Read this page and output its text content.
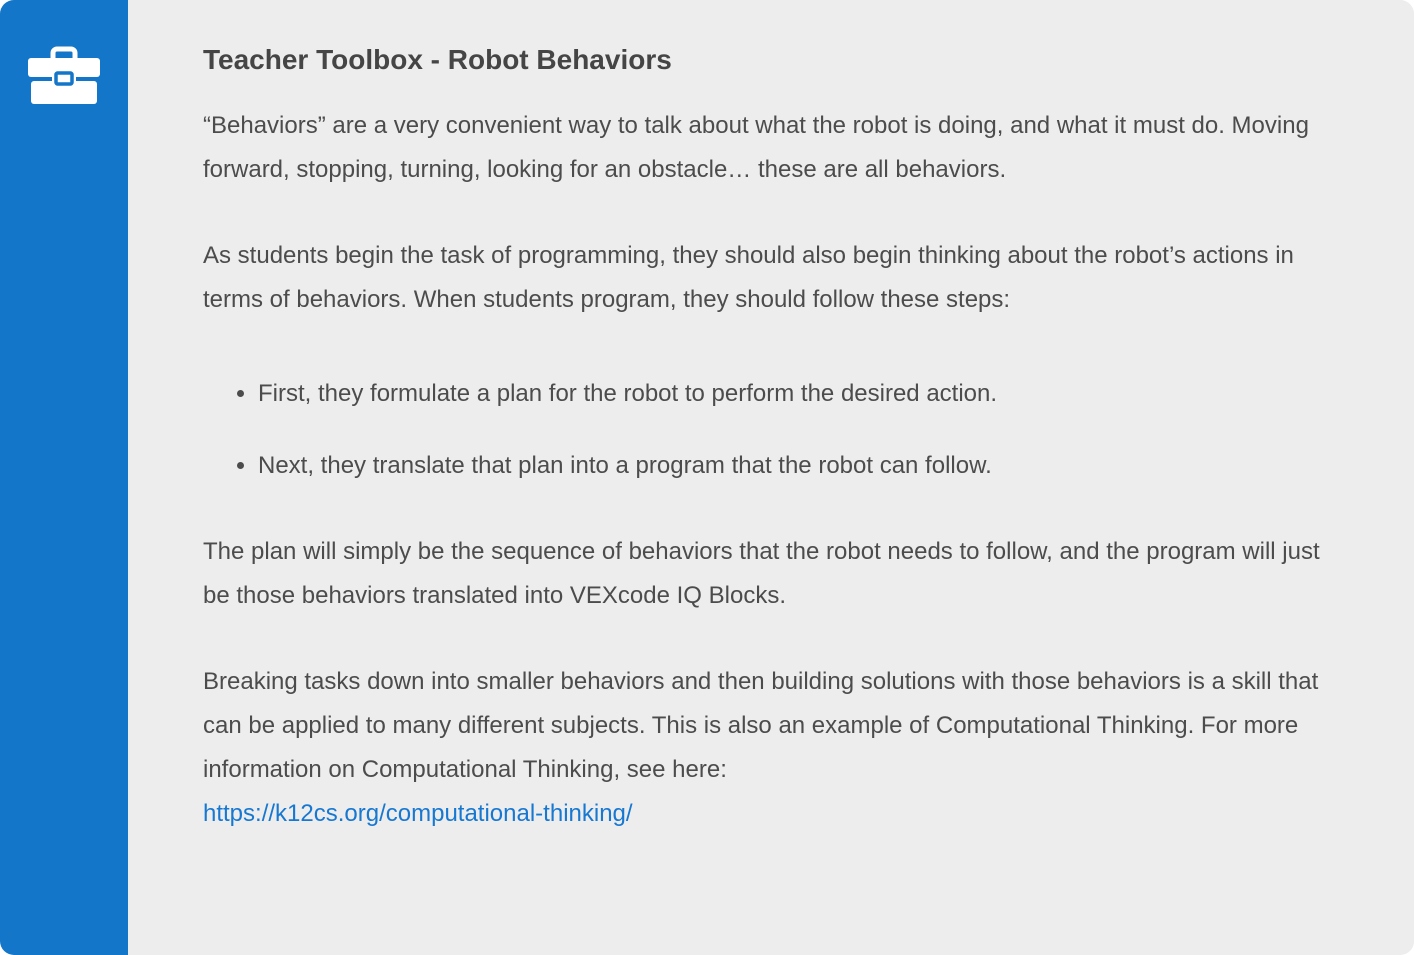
Teacher Toolbox - Robot Behaviors

“Behaviors” are a very convenient way to talk about what the robot is doing, and what it must do. Moving forward, stopping, turning, looking for an obstacle… these are all behaviors.

As students begin the task of programming, they should also begin thinking about the robot’s actions in terms of behaviors. When students program, they should follow these steps:

• First, they formulate a plan for the robot to perform the desired action.
• Next, they translate that plan into a program that the robot can follow.

The plan will simply be the sequence of behaviors that the robot needs to follow, and the program will just be those behaviors translated into VEXcode IQ Blocks.

Breaking tasks down into smaller behaviors and then building solutions with those behaviors is a skill that can be applied to many different subjects. This is also an example of Computational Thinking. For more information on Computational Thinking, see here:

https://k12cs.org/computational-thinking/
